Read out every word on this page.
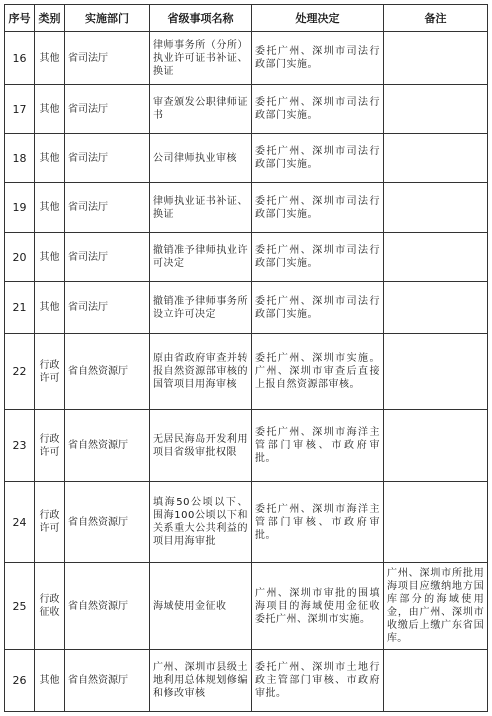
序号	类别	实施部门	省级事项名称	处理决定	备注
16	其他	省司法厅	律师事务所（分所）执业许可证书补证、换证	委托广州、深圳市司法行政部门实施。	
17	其他	省司法厅	审查颁发公职律师证书	委托广州、深圳市司法行政部门实施。	
18	其他	省司法厅	公司律师执业审核	委托广州、深圳市司法行政部门实施。	
19	其他	省司法厅	律师执业证书补证、换证	委托广州、深圳市司法行政部门实施。	
20	其他	省司法厅	撤销准予律师执业许可决定	委托广州、深圳市司法行政部门实施。	
21	其他	省司法厅	撤销准予律师事务所设立许可决定	委托广州、深圳市司法行政部门实施。	
22	行政许可	省自然资源厅	原由省政府审查并转报自然资源部审核的国管项目用海审核	委托广州、深圳市实施。广州、深圳市审查后直接上报自然资源部审核。	
23	行政许可	省自然资源厅	无居民海岛开发利用项目省级审批权限	委托广州、深圳市海洋主管部门审核、市政府审批。	
24	行政许可	省自然资源厅	填海50公顷以下、围海100公顷以下和关系重大公共利益的项目用海审批	委托广州、深圳市海洋主管部门审核、市政府审批。	
25	行政征收	省自然资源厅	海域使用金征收	广州、深圳市审批的围填海项目的海域使用金征收委托广州、深圳市实施。	广州、深圳市所批用海项目应缴纳地方国库部分的海域使用金，由广州、深圳市收缴后上缴广东省国库。
26	其他	省自然资源厅	广州、深圳市县级土地利用总体规划修编和修改审核	委托广州、深圳市土地行政主管部门审核、市政府审批。	
